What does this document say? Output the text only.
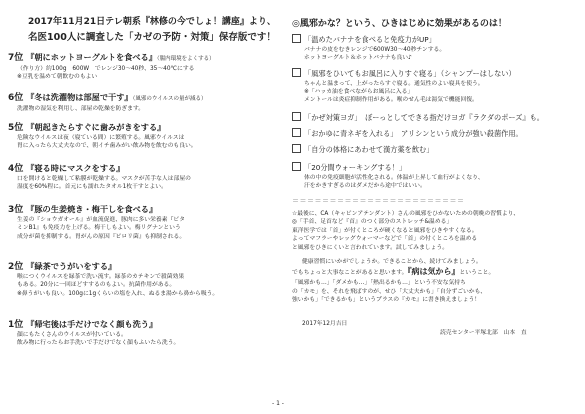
2017年11月21日テレ朝系『林修の今でしょ！講座』より、
名医100人に調査した「カゼの予防・対策」保存版です！
7位 『朝にホットヨーグルトを食べる』（腸内環境をよくする）
（作り方）約100g　600W　でレンジ30～40秒、35～40℃にする
※豆乳を温めて朝飲むのもよい
6位 『冬は洗濯物は部屋で干す』（風邪のウイルスの量が減る）
洗濯物の湿気を利用し、部屋の乾燥を防ぎます。
5位 『朝起きたらすぐに歯みがきをする』
危険なウイルスは夜（寝ている間）に繁殖する。風邪ウイルスは
胃に入ったら大丈夫なので、朝イチ歯みがい飲み物を飲むのも良い。
4位 『寝る時にマスクをする』
口を開けると乾燥して粘膜が乾燥する。マスクが苦手な人は部屋の
湿度を60%程に。首元にも濡れたタオル1枚干すとよい。
3位 『豚の生姜焼き・梅干しを食べる』
生姜の『ショウガオール』が血流促進、豚肉に多い栄養素『ビタ
ミンB1』も免疫力を上げる。梅干しもよい。梅リグナンという
成分が菌を抑制する。胃がんの原因『ピロリ菌』も抑制される。
2位 『緑茶でうがいをする』
喉につくウイルスを緑茶で洗い流す。緑茶のカテキンで殺菌効果
もある。20分に一回ほどすするのもよい。抗菌作用がある。
※鼻うがいも良い。100gに1gくらいの塩を入れ、ぬるま湯から鼻から吸う。
1位 『帰宅後は手だけでなく顔も洗う』
顔にもたくさんのウイルスが付いている。
飲み物に行ったらお手洗いで手だけでなく顔もふいたら洗う。
◎風邪かな？という、ひきはじめに効果があるのは！
「温めたバナナを食べると免疫力がUP」
バナナの皮をむきレンジで600W30～40秒チンする。
ホットヨーグルト＆ホットバナナも良い♪
「風邪をひいてもお風呂に入りすぐ寝る」（シャンプーはしない）
ちゃんと温まって、上がったらすぐ寝る。通気性のよい寝具を使う。
※「ハッカ油を食べながらお風呂に入る」
メントールは炎症抑制作用がある。喉のせん毛は湯気で機能回復。
「かぜ対策ヨガ」　ぼーっとしてできる指だけヨガ『ラクダのポーズ』も。
「おかゆに青ネギを入れる」　アリシンという成分が強い殺菌作用。
「自分の体格にあわせて漢方薬を飲む」
「20分間ウォーキングする！」
体の中の免疫細胞が活性化される。体温が上昇して血行がよくなり、
汗をかきすぎるのはダメだから途中ではいい。
＝＝＝＝＝＝＝＝＝＝＝＝＝＝＝＝＝＝＝＝＝＝＝
☆最後に、CA（キャビンアテンダント）さんの風邪をひかないための朝晩の習慣より、
◎「手首、足首など『首』のつく部分のストレッチ&温める」
東洋医学では「首」が付くところが硬くなると風邪をひきやすくなる。
よってマフラーやレッグウォーマーなどで「首」の付くところを温める
と風邪をひきにくいと言われています。試してみましょう。
健康習慣にいかがでしょうか。できることから、続けてみましょう。
でもちょっと大事なことがあると思います。『病は気から』ということ。
「風邪かも…」「ダメかも…」「熱出るかも…」という不安な気持ち
の「カモ」を、それを飛ばすのが、せひ「大丈夫かも」「自分ずごいかも、
強いかも」「できるかも」というプラスの『カモ』に書き換えましょう！
2017年12月吉日
読売センター平塚北部　山本　直
- 1 -
